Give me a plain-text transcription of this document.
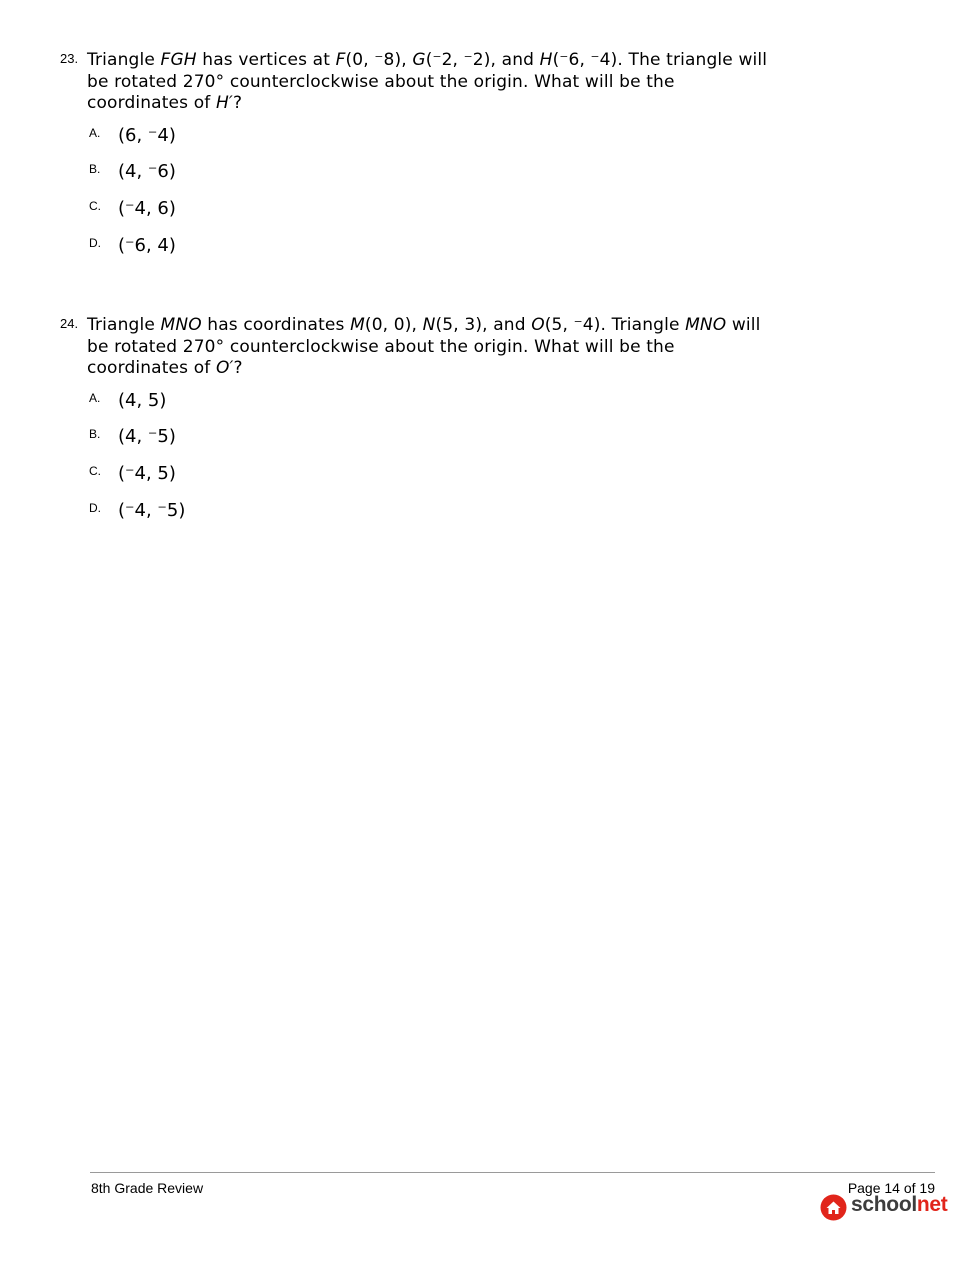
23. Triangle FGH has vertices at F(0, ⁻8), G(⁻2, ⁻2), and H(⁻6, ⁻4). The triangle will be rotated 270° counterclockwise about the origin. What will be the coordinates of H′?
A. (6, ⁻4)
B. (4, ⁻6)
C. (⁻4, 6)
D. (⁻6, 4)
24. Triangle MNO has coordinates M(0, 0), N(5, 3), and O(5, ⁻4). Triangle MNO will be rotated 270° counterclockwise about the origin. What will be the coordinates of O′?
A. (4, 5)
B. (4, ⁻5)
C. (⁻4, 5)
D. (⁻4, ⁻5)
8th Grade Review	Page 14 of 19
schoolnet
